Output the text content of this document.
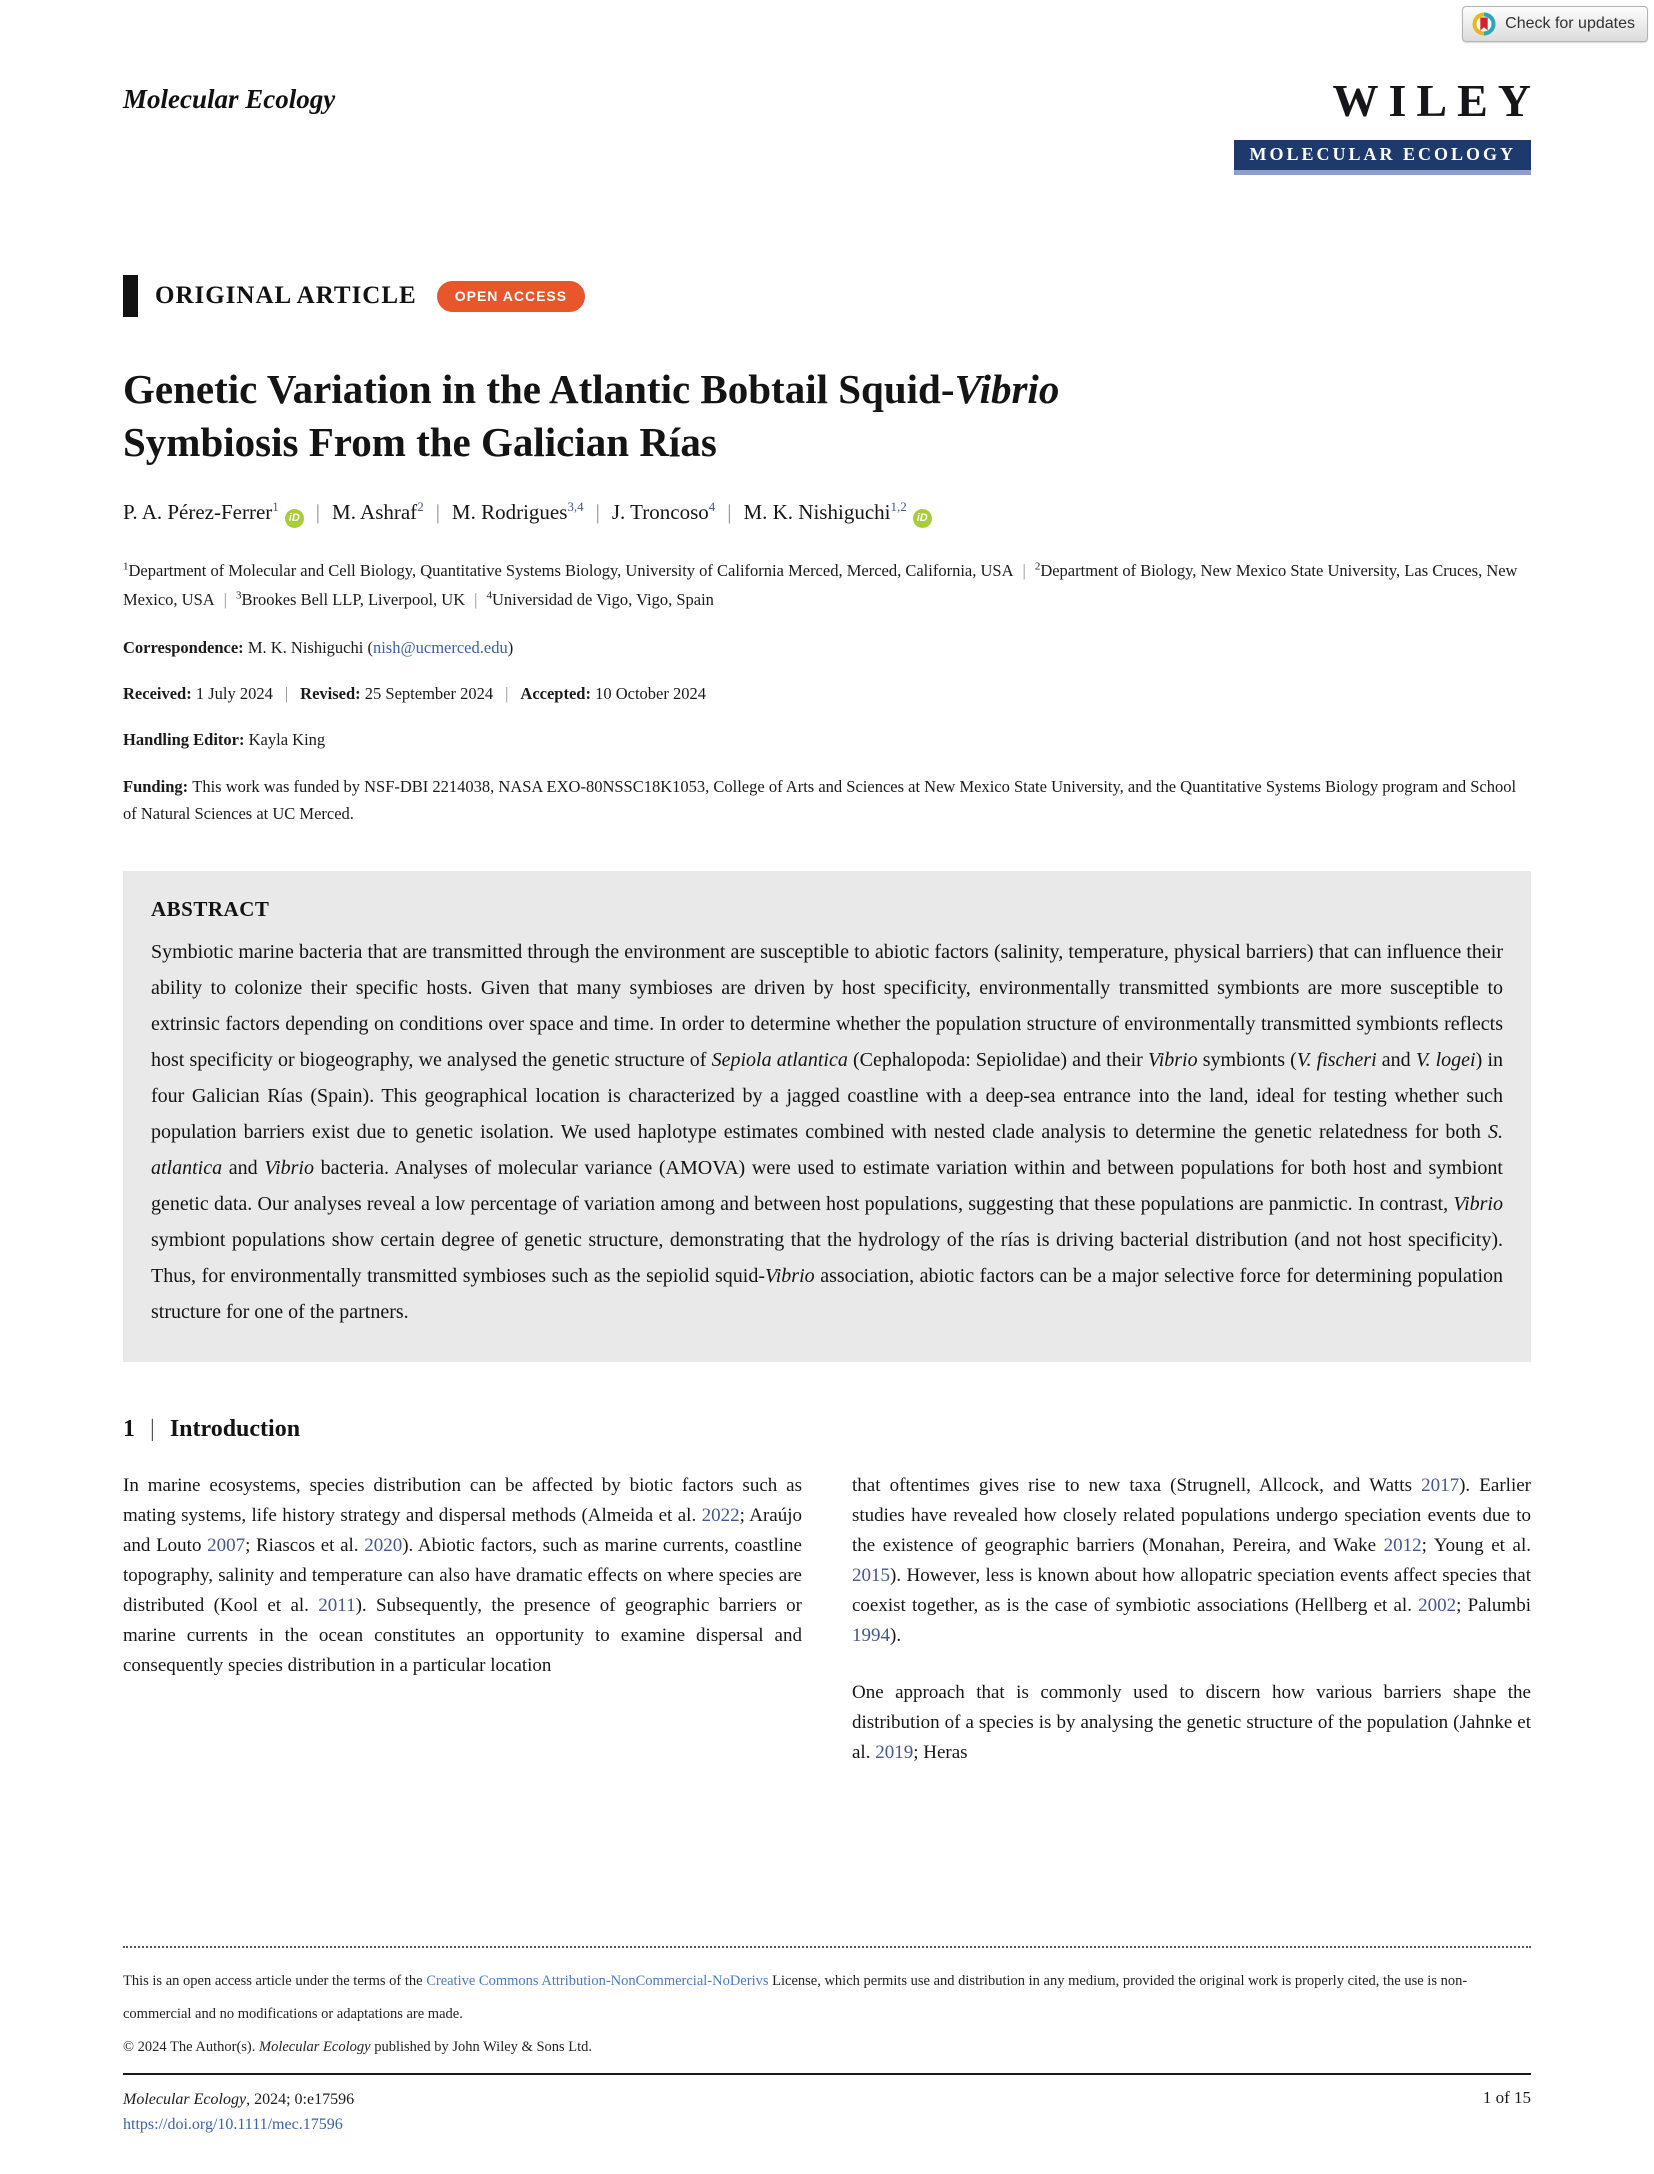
Check for updates
Molecular Ecology	WILEY
MOLECULAR ECOLOGY
ORIGINAL ARTICLE	OPEN ACCESS
Genetic Variation in the Atlantic Bobtail Squid-Vibrio
Symbiosis From the Galician Rías
P. A. Pérez-Ferrer$^1$iD | M. Ashraf$^2$ | M. Rodrigues$^{3,4}$ | J. Troncoso$^4$ | M. K. Nishiguchi$^{1,2}$iD
$^1$Department of Molecular and Cell Biology, Quantitative Systems Biology, University of California Merced, Merced, California, USA | $^2$Department of Biology, New Mexico State University, Las Cruces, New Mexico, USA | $^3$Brookes Bell LLP, Liverpool, UK | $^4$Universidad de Vigo, Vigo, Spain
Correspondence: M. K. Nishiguchi (nish@ucmerced.edu)
Received: 1 July 2024 | Revised: 25 September 2024 | Accepted: 10 October 2024
Handling Editor: Kayla King
Funding: This work was funded by NSF-DBI 2214038, NASA EXO-80NSSC18K1053, College of Arts and Sciences at New Mexico State University, and the Quantitative Systems Biology program and School of Natural Sciences at UC Merced.
ABSTRACT

Symbiotic marine bacteria that are transmitted through the environment are susceptible to abiotic factors (salinity, temperature, physical barriers) that can influence their ability to colonize their specific hosts. Given that many symbioses are driven by host specificity, environmentally transmitted symbionts are more susceptible to extrinsic factors depending on conditions over space and time. In order to determine whether the population structure of environmentally transmitted symbionts reflects host specificity or biogeography, we analysed the genetic structure of Sepiola atlantica (Cephalopoda: Sepiolidae) and their Vibrio symbionts (V. fischeri and V. logei) in four Galician Rías (Spain). This geographical location is characterized by a jagged coastline with a deep-sea entrance into the land, ideal for testing whether such population barriers exist due to genetic isolation. We used haplotype estimates combined with nested clade analysis to determine the genetic relatedness for both S. atlantica and Vibrio bacteria. Analyses of molecular variance (AMOVA) were used to estimate variation within and between populations for both host and symbiont genetic data. Our analyses reveal a low percentage of variation among and between host populations, suggesting that these populations are panmictic. In contrast, Vibrio symbiont populations show certain degree of genetic structure, demonstrating that the hydrology of the rías is driving bacterial distribution (and not host specificity). Thus, for environmentally transmitted symbioses such as the sepiolid squid-Vibrio association, abiotic factors can be a major selective force for determining population structure for one of the partners.

1 | Introduction

In marine ecosystems, species distribution can be affected by biotic factors such as mating systems, life history strategy and dispersal methods (Almeida et al. 2022; Araújo and Louto 2007; Riascos et al. 2020). Abiotic factors, such as marine currents, coastline topography, salinity and temperature can also have dramatic effects on where species are distributed (Kool et al. 2011). Subsequently, the presence of geographic barriers or marine currents in the ocean constitutes an opportunity to examine dispersal and consequently species distribution in a particular location

that oftentimes gives rise to new taxa (Strugnell, Allcock, and Watts 2017). Earlier studies have revealed how closely related populations undergo speciation events due to the existence of geographic barriers (Monahan, Pereira, and Wake 2012; Young et al. 2015). However, less is known about how allopatric speciation events affect species that coexist together, as is the case of symbiotic associations (Hellberg et al. 2002; Palumbi 1994).

One approach that is commonly used to discern how various barriers shape the distribution of a species is by analysing the genetic structure of the population (Jahnke et al. 2019; Heras

This is an open access article under the terms of the Creative Commons Attribution-NonCommercial-NoDerivs License, which permits use and distribution in any medium, provided the original work is properly cited, the use is non-commercial and no modifications or adaptations are made.
© 2024 The Author(s). Molecular Ecology published by John Wiley & Sons Ltd.
Molecular Ecology, 2024; 0:e17596
https://doi.org/10.1111/mec.17596
1 of 15
